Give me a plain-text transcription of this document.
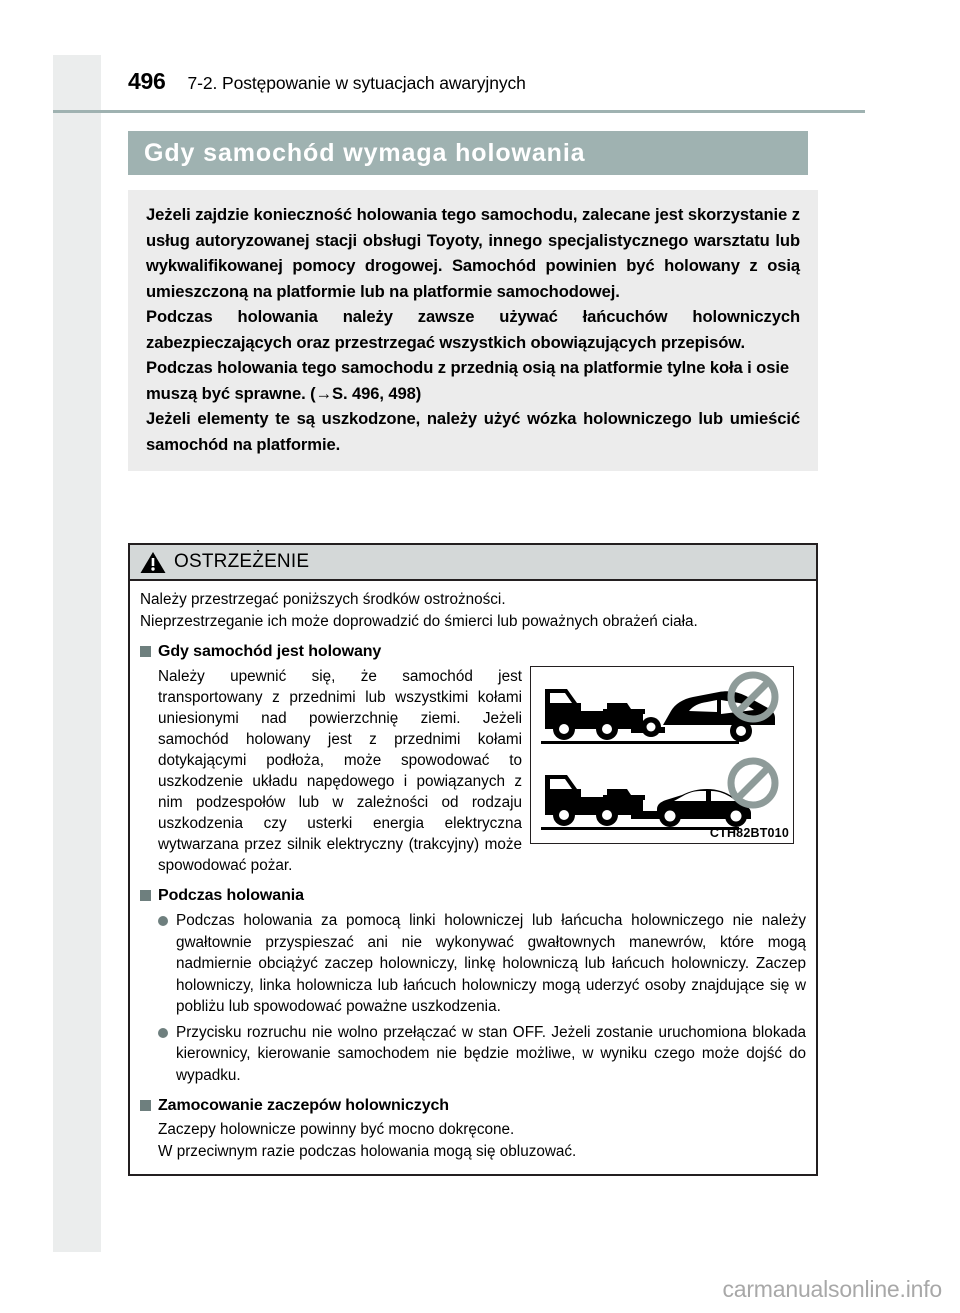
496 7-2. Postępowanie w sytuacjach awaryjnych
Gdy samochód wymaga holowania

Jeżeli zajdzie konieczność holowania tego samochodu, zalecane jest skorzystanie z usług autoryzowanej stacji obsługi Toyoty, innego specjalistycznego warsztatu lub wykwalifikowanej pomocy drogowej. Samochód powinien być holowany z osią umieszczoną na platformie lub na platformie samochodowej.

Podczas holowania należy zawsze używać łańcuchów holowniczych zabezpieczających oraz przestrzegać wszystkich obowiązujących przepisów.

Podczas holowania tego samochodu z przednią osią na platformie tylne koła i osie muszą być sprawne. (→S. 496, 498)

Jeżeli elementy te są uszkodzone, należy użyć wózka holowniczego lub umieścić samochód na platformie.

OSTRZEŻENIE

Należy przestrzegać poniższych środków ostrożności.

Nieprzestrzeganie ich może doprowadzić do śmierci lub poważnych obrażeń ciała.

Gdy samochód jest holowany

Należy upewnić się, że samochód jest transportowany z przednimi lub wszystkimi kołami uniesionymi nad powierzchnię ziemi. Jeżeli samochód holowany jest z przednimi kołami dotykającymi podłoża, może spowodować to uszkodzenie układu napędowego i powiązanych z nim podzespołów lub w zależności od rodzaju uszkodzenia czy usterki energia elektryczna wytwarzana przez silnik elektryczny (trakcyjny) może spowodować pożar.

CTH82BT010
Podczas holowania

Podczas holowania za pomocą linki holowniczej lub łańcucha holowniczego nie należy gwałtownie przyspieszać ani nie wykonywać gwałtownych manewrów, które mogą nadmiernie obciążyć zaczep holowniczy, linkę holowniczą lub łańcuch holowniczy. Zaczep holowniczy, linka holownicza lub łańcuch holowniczy mogą uderzyć osoby znajdujące się w pobliżu lub spowodować poważne uszkodzenia.

Przycisku rozruchu nie wolno przełączać w stan OFF. Jeżeli zostanie uruchomiona blokada kierownicy, kierowanie samochodem nie będzie możliwe, w wyniku czego może dojść do wypadku.

Zamocowanie zaczepów holowniczych

Zaczepy holownicze powinny być mocno dokręcone.

W przeciwnym razie podczas holowania mogą się obluzować.

carmanualsonline.info
